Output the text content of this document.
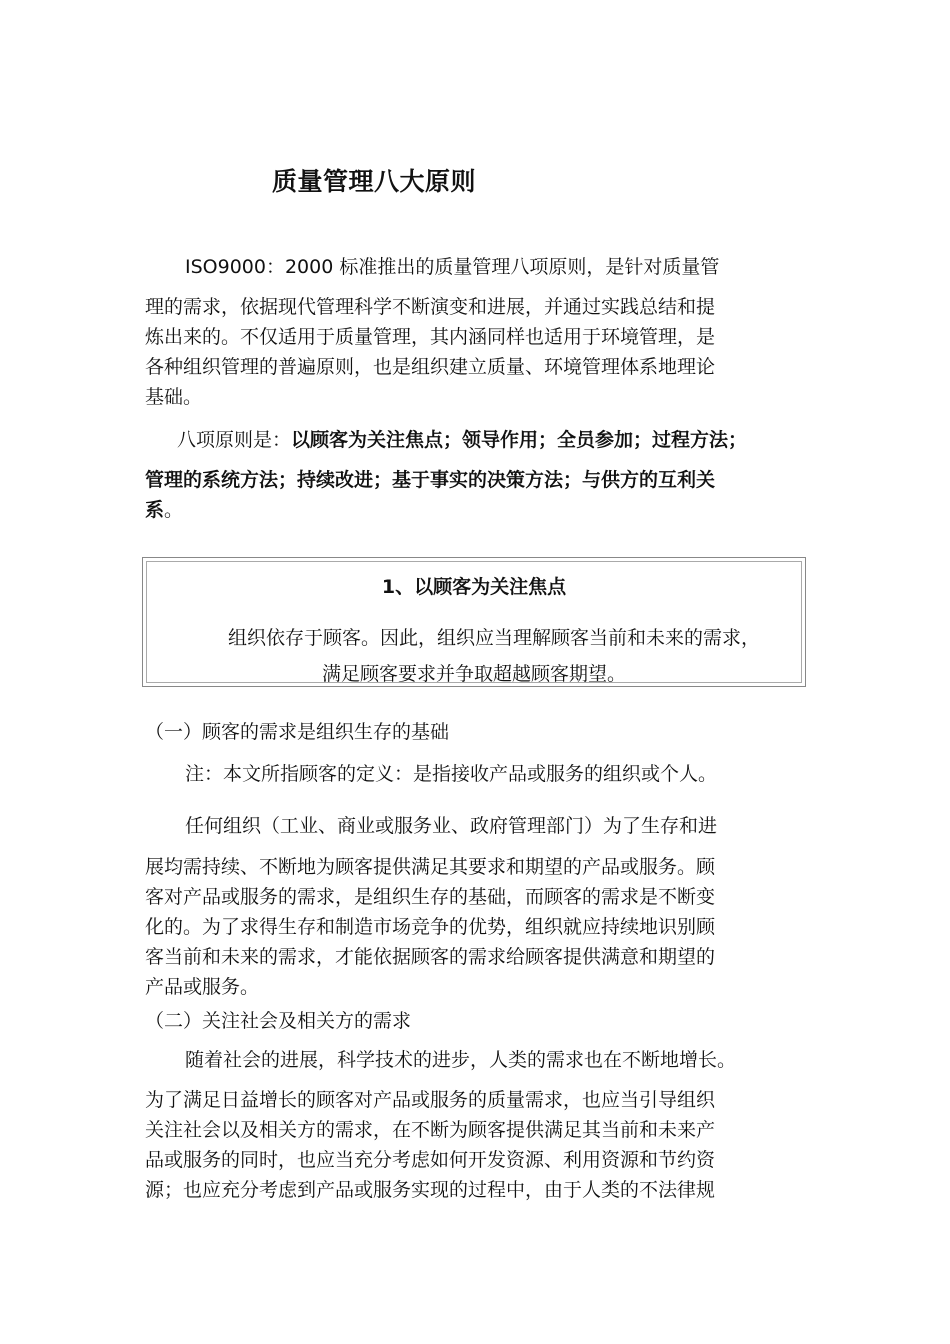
质量管理八大原则
ISO9000：2000 标准推出的质量管理八项原则，是针对质量管
理的需求，依据现代管理科学不断演变和进展，并通过实践总结和提
炼出来的。不仅适用于质量管理，其内涵同样也适用于环境管理，是
各种组织管理的普遍原则，也是组织建立质量、环境管理体系地理论
基础。
八项原则是：以顾客为关注焦点；领导作用；全员参加；过程方法；
管理的系统方法；持续改进；基于事实的决策方法；与供方的互利关
系。
1、以顾客为关注焦点
组织依存于顾客。因此，组织应当理解顾客当前和未来的需求，
满足顾客要求并争取超越顾客期望。
（一）顾客的需求是组织生存的基础
注：本文所指顾客的定义：是指接收产品或服务的组织或个人。
任何组织（工业、商业或服务业、政府管理部门）为了生存和进
展均需持续、不断地为顾客提供满足其要求和期望的产品或服务。顾
客对产品或服务的需求，是组织生存的基础，而顾客的需求是不断变
化的。为了求得生存和制造市场竞争的优势，组织就应持续地识别顾
客当前和未来的需求，才能依据顾客的需求给顾客提供满意和期望的
产品或服务。
（二）关注社会及相关方的需求
随着社会的进展，科学技术的进步，人类的需求也在不断地增长。
为了满足日益增长的顾客对产品或服务的质量需求，也应当引导组织
关注社会以及相关方的需求，在不断为顾客提供满足其当前和未来产
品或服务的同时，也应当充分考虑如何开发资源、利用资源和节约资
源；也应充分考虑到产品或服务实现的过程中，由于人类的不法律规
